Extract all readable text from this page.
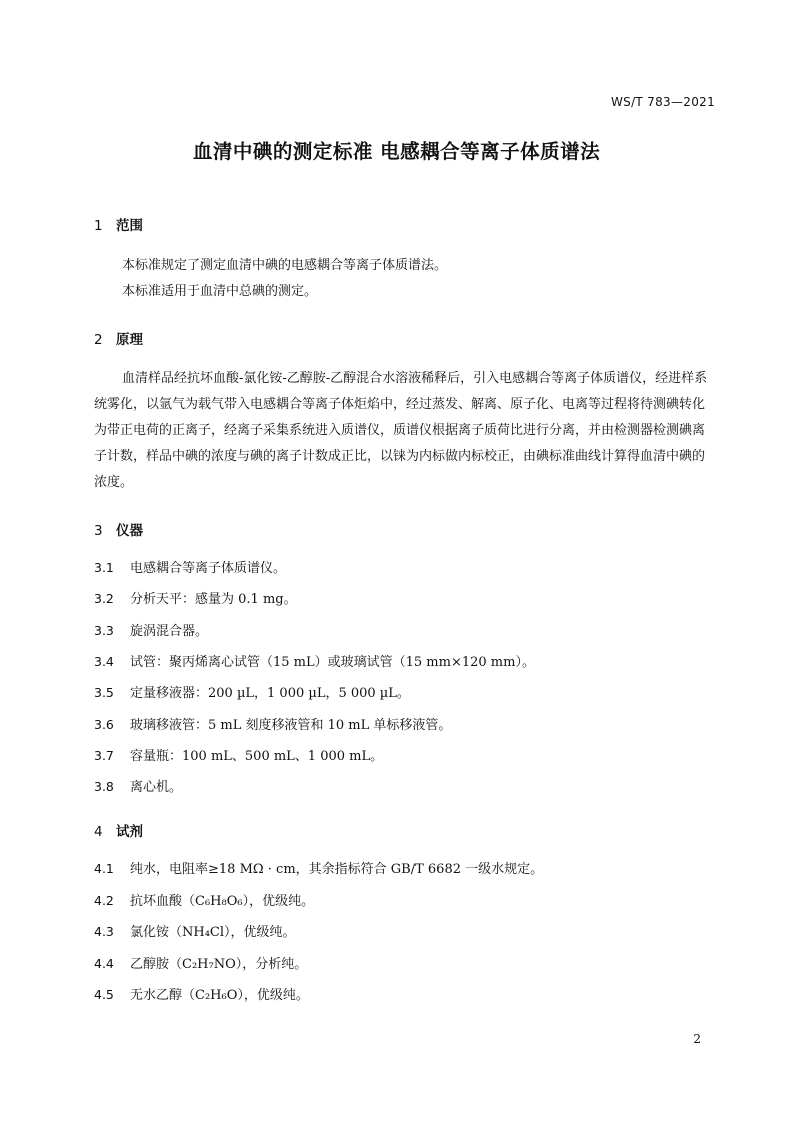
WS/T 783—2021
血清中碘的测定标准 电感耦合等离子体质谱法
1 范围
本标准规定了测定血清中碘的电感耦合等离子体质谱法。
本标准适用于血清中总碘的测定。
2 原理
血清样品经抗坏血酸-氯化铵-乙醇胺-乙醇混合水溶液稀释后，引入电感耦合等离子体质谱仪，经进样系统雾化，以氩气为载气带入电感耦合等离子体炬焰中，经过蒸发、解离、原子化、电离等过程将待测碘转化为带正电荷的正离子，经离子采集系统进入质谱仪，质谱仪根据离子质荷比进行分离，并由检测器检测碘离子计数，样品中碘的浓度与碘的离子计数成正比，以铼为内标做内标校正，由碘标准曲线计算得血清中碘的浓度。
3 仪器
3.1 电感耦合等离子体质谱仪。
3.2 分析天平：感量为 0.1 mg。
3.3 旋涡混合器。
3.4 试管：聚丙烯离心试管（15 mL）或玻璃试管（15 mm×120 mm）。
3.5 定量移液器：200 µL，1 000 µL，5 000 µL。
3.6 玻璃移液管：5 mL 刻度移液管和 10 mL 单标移液管。
3.7 容量瓶：100 mL、500 mL、1 000 mL。
3.8 离心机。
4 试剂
4.1 纯水，电阻率≥18 MΩ · cm，其余指标符合 GB/T 6682 一级水规定。
4.2 抗坏血酸（C₆H₈O₆），优级纯。
4.3 氯化铵（NH₄Cl），优级纯。
4.4 乙醇胺（C₂H₇NO），分析纯。
4.5 无水乙醇（C₂H₆O），优级纯。
2
